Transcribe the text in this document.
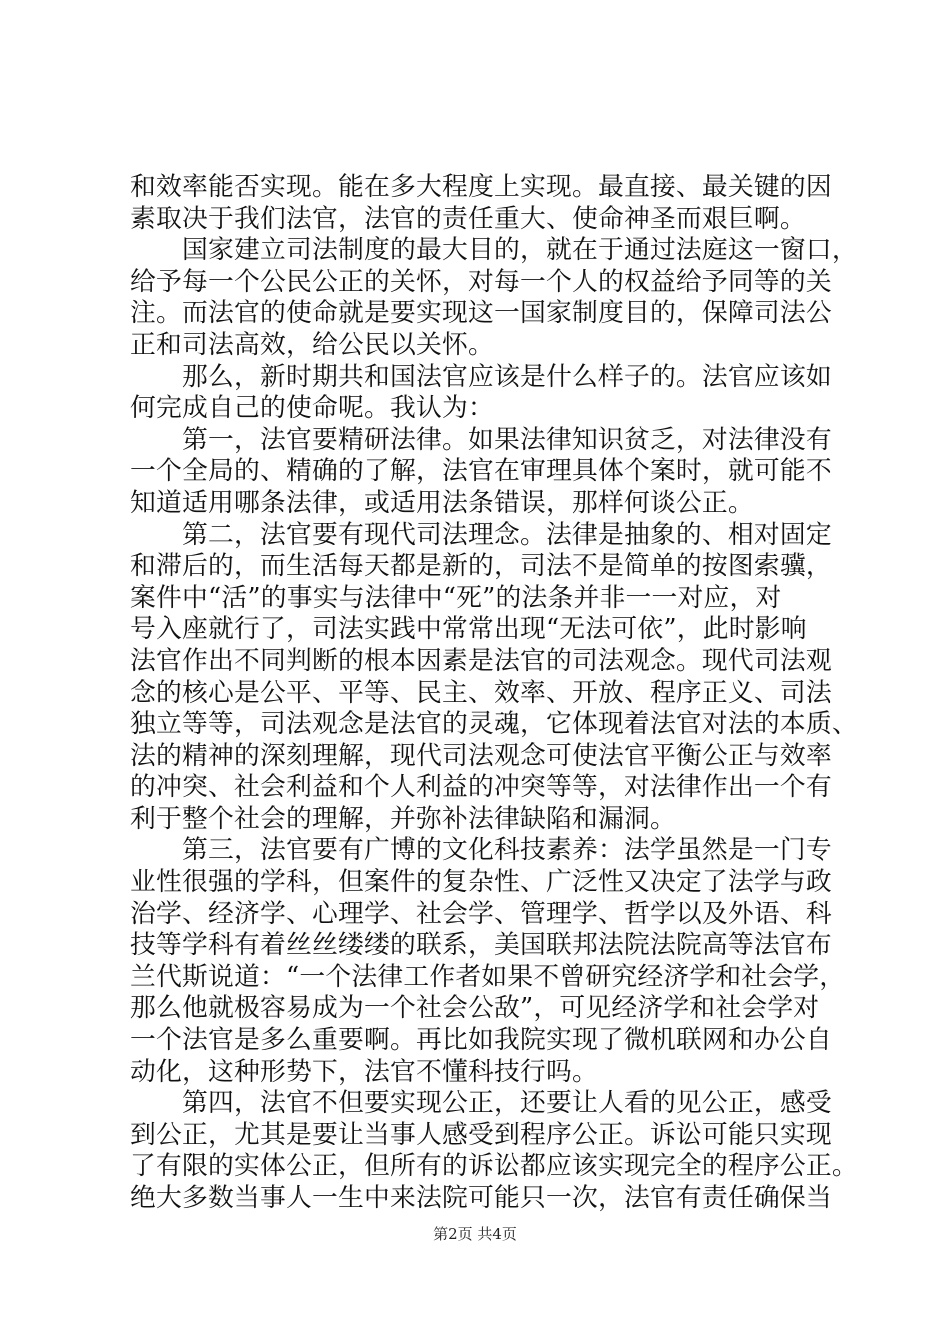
和效率能否实现。能在多大程度上实现。最直接、最关键的因
素取决于我们法官，法官的责任重大、使命神圣而艰巨啊。
　　国家建立司法制度的最大目的，就在于通过法庭这一窗口，
给予每一个公民公正的关怀，对每一个人的权益给予同等的关
注。而法官的使命就是要实现这一国家制度目的，保障司法公
正和司法高效，给公民以关怀。
　　那么，新时期共和国法官应该是什么样子的。法官应该如
何完成自己的使命呢。我认为：
　　第一，法官要精研法律。如果法律知识贫乏，对法律没有
一个全局的、精确的了解，法官在审理具体个案时，就可能不
知道适用哪条法律，或适用法条错误，那样何谈公正。
　　第二，法官要有现代司法理念。法律是抽象的、相对固定
和滞后的，而生活每天都是新的，司法不是简单的按图索骥，
案件中“活”的事实与法律中“死”的法条并非一一对应，对
号入座就行了，司法实践中常常出现“无法可依”，此时影响
法官作出不同判断的根本因素是法官的司法观念。现代司法观
念的核心是公平、平等、民主、效率、开放、程序正义、司法
独立等等，司法观念是法官的灵魂，它体现着法官对法的本质、
法的精神的深刻理解，现代司法观念可使法官平衡公正与效率
的冲突、社会利益和个人利益的冲突等等，对法律作出一个有
利于整个社会的理解，并弥补法律缺陷和漏洞。
　　第三，法官要有广博的文化科技素养：法学虽然是一门专
业性很强的学科，但案件的复杂性、广泛性又决定了法学与政
治学、经济学、心理学、社会学、管理学、哲学以及外语、科
技等学科有着丝丝缕缕的联系，美国联邦法院法院高等法官布
兰代斯说道：“一个法律工作者如果不曾研究经济学和社会学，
那么他就极容易成为一个社会公敌”，可见经济学和社会学对
一个法官是多么重要啊。再比如我院实现了微机联网和办公自
动化，这种形势下，法官不懂科技行吗。
　　第四，法官不但要实现公正，还要让人看的见公正，感受
到公正，尤其是要让当事人感受到程序公正。诉讼可能只实现
了有限的实体公正，但所有的诉讼都应该实现完全的程序公正。
绝大多数当事人一生中来法院可能只一次，法官有责任确保当
第2页 共4页
